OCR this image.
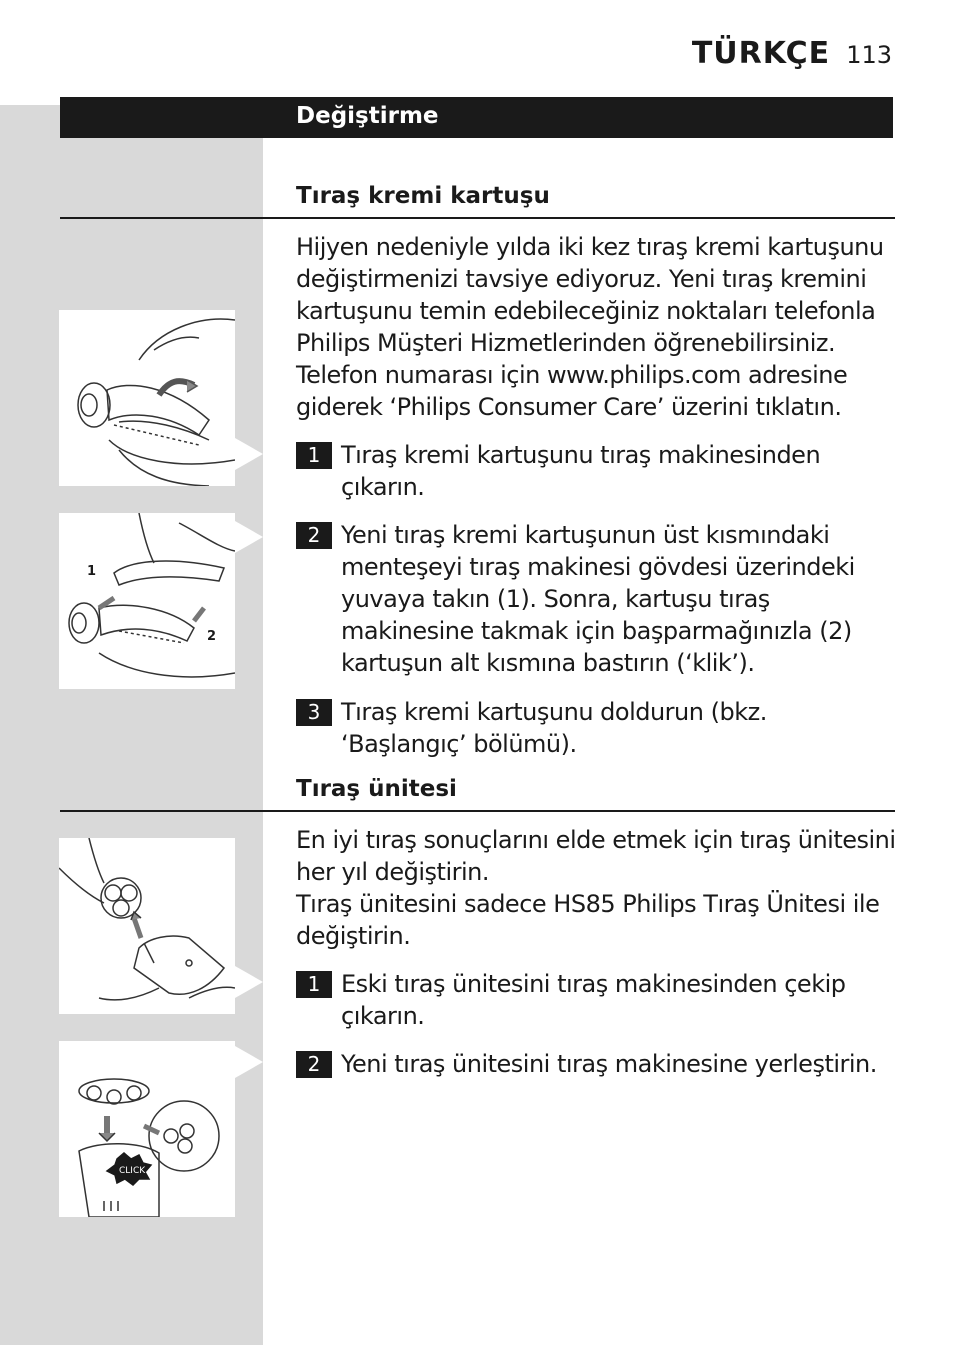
TÜRKÇE 113
Değiştirme
Tıraş kremi kartuşu
Hijyen nedeniyle yılda iki kez tıraş kremi kartuşunu değiştirmenizi tavsiye ediyoruz. Yeni tıraş kremini kartuşunu temin edebileceğiniz noktaları telefonla Philips Müşteri Hizmetlerinden öğrenebilirsiniz. Telefon numarası için www.philips.com adresine giderek ‘Philips Consumer Care’ üzerini tıklatın.
1 Tıraş kremi kartuşunu tıraş makinesinden çıkarın.
2 Yeni tıraş kremi kartuşunun üst kısmındaki menteşeyi tıraş makinesi gövdesi üzerindeki yuvaya takın (1). Sonra, kartuşu tıraş makinesine takmak için başparmağınızla (2) kartuşun alt kısmına bastırın (‘klik’).
3 Tıraş kremi kartuşunu doldurun (bkz. ‘Başlangıç’ bölümü).
Tıraş ünitesi
En iyi tıraş sonuçlarını elde etmek için tıraş ünitesini her yıl değiştirin.
Tıraş ünitesini sadece HS85 Philips Tıraş Ünitesi ile değiştirin.
1 Eski tıraş ünitesini tıraş makinesinden çekip çıkarın.
2 Yeni tıraş ünitesini tıraş makinesine yerleştirin.
1
2
CLICK
